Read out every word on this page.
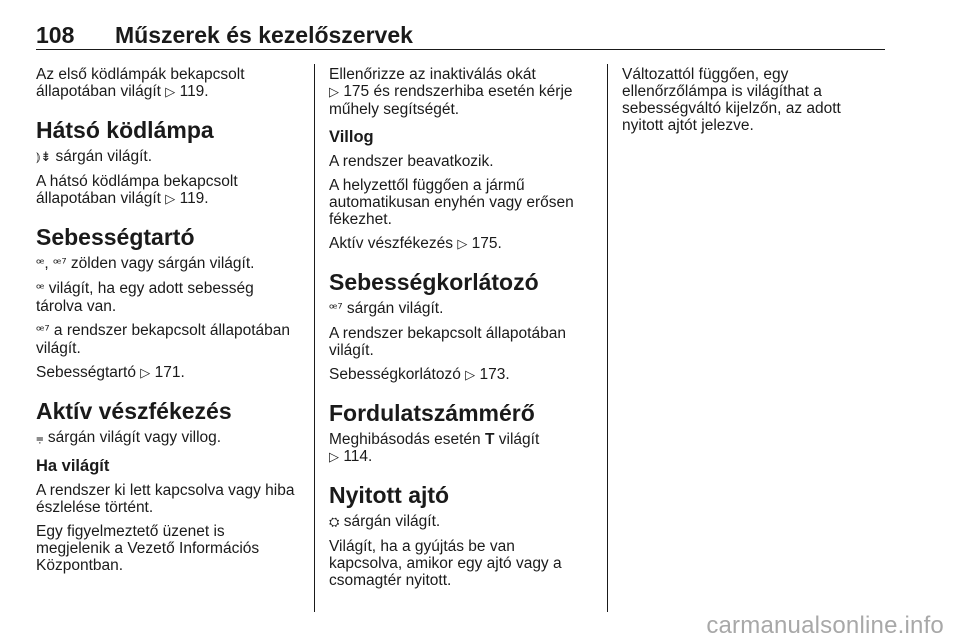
108 Műszerek és kezelőszervek

Az első ködlámpák bekapcsolt
állapotában világít ▷ 119.

Hátsó ködlámpa

⦆⇟ sárgán világít.

A hátsó ködlámpa bekapcsolt
állapotában világít ▷ 119.

Sebességtartó

ꟹ, ꟹ⁷ zölden vagy sárgán világít.

ꟹ világít, ha egy adott sebesség
tárolva van.

ꟹ⁷ a rendszer bekapcsolt állapotában
világít.

Sebességtartó ▷ 171.

Aktív vészfékezés

⩦ sárgán világít vagy villog.

Ha világít

A rendszer ki lett kapcsolva vagy hiba
észlelése történt.

Egy figyelmeztető üzenet is
megjelenik a Vezető Információs
Központban.

Ellenőrizze az inaktiválás okát
▷ 175 és rendszerhiba esetén kérje
műhely segítségét.

Villog

A rendszer beavatkozik.

A helyzettől függően a jármű
automatikusan enyhén vagy erősen
fékezhet.

Aktív vészfékezés ▷ 175.

Sebességkorlátozó

ꟹ⁷ sárgán világít.

A rendszer bekapcsolt állapotában
világít.

Sebességkorlátozó ▷ 173.

Fordulatszámmérő

Meghibásodás esetén T világít
▷ 114.

Nyitott ajtó

⛭ sárgán világít.

Világít, ha a gyújtás be van
kapcsolva, amikor egy ajtó vagy a
csomagtér nyitott.

Változattól függően, egy
ellenőrzőlámpa is világíthat a
sebességváltó kijelzőn, az adott
nyitott ajtót jelezve.

carmanualsonline.info
